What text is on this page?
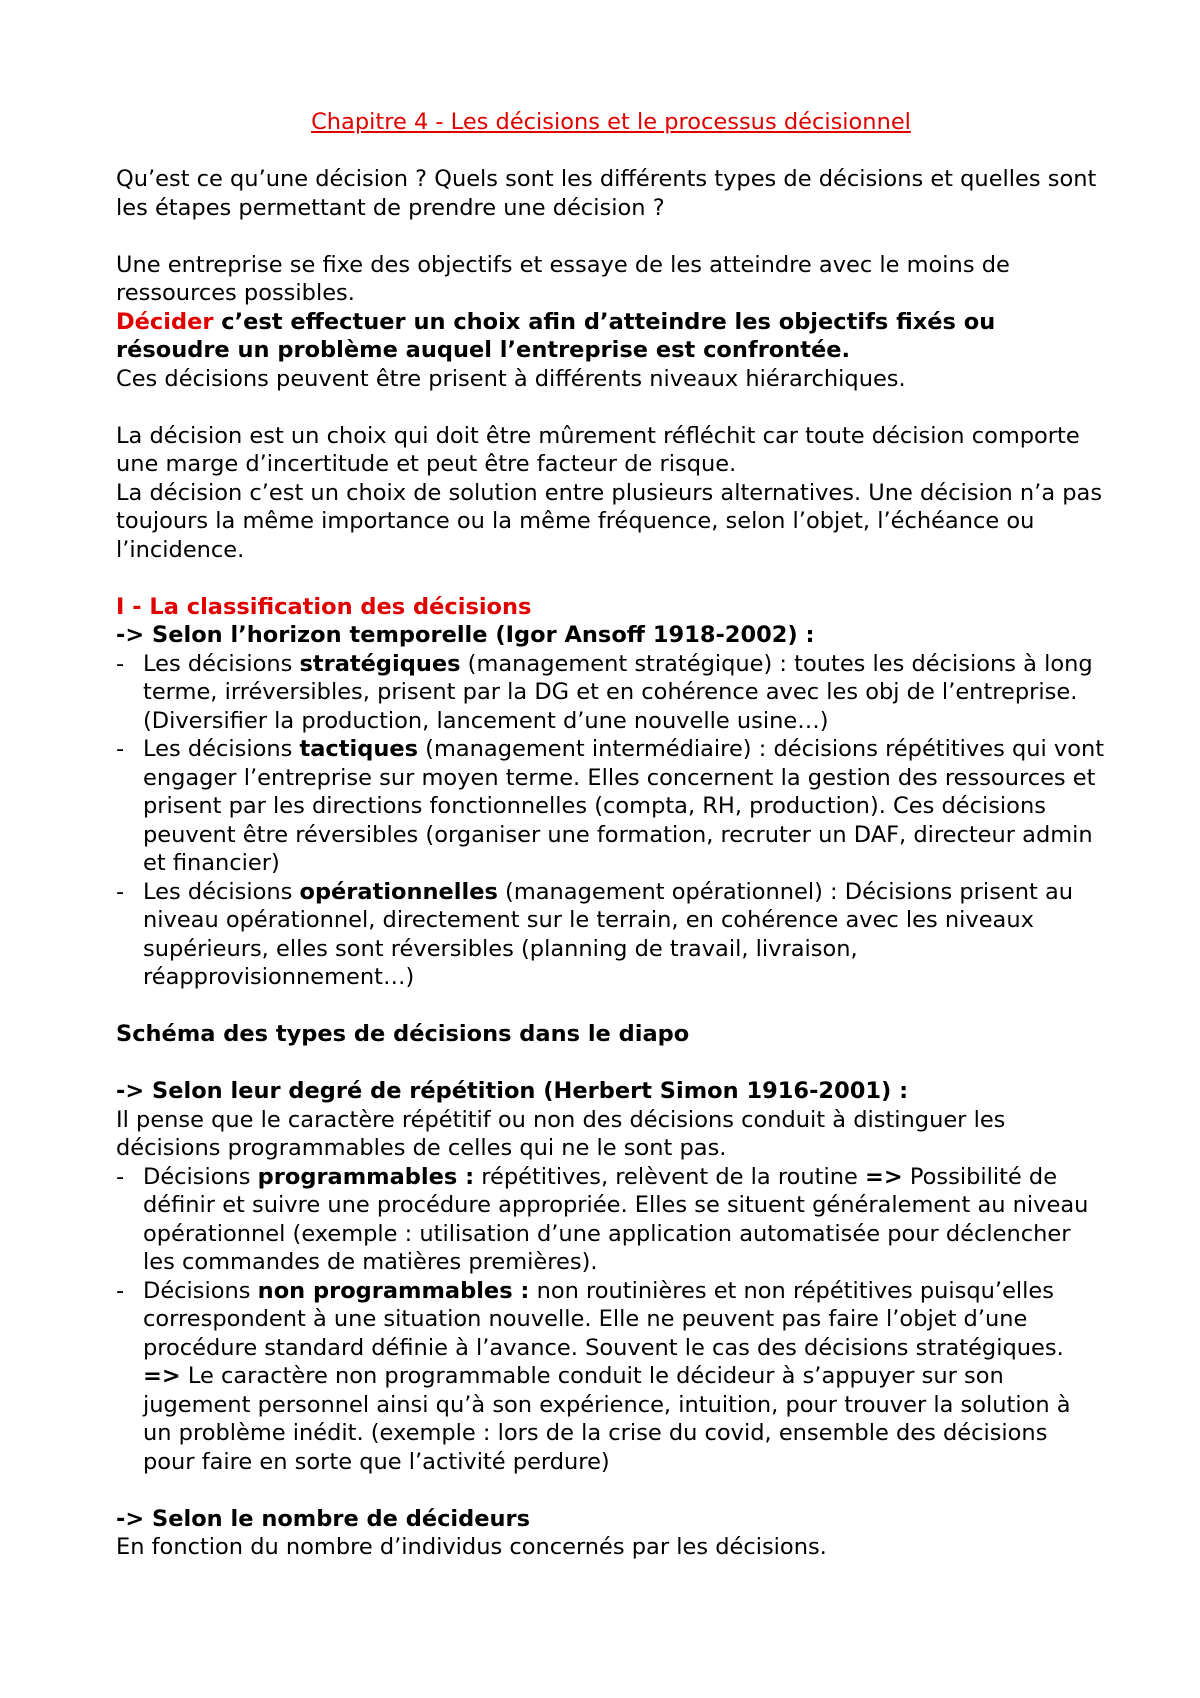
Chapitre 4 - Les décisions et le processus décisionnel

Qu’est ce qu’une décision ? Quels sont les différents types de décisions et quelles sont les étapes permettant de prendre une décision ?

Une entreprise se fixe des objectifs et essaye de les atteindre avec le moins de ressources possibles.

Décider c’est effectuer un choix afin d’atteindre les objectifs fixés ou résoudre un problème auquel l’entreprise est confrontée.

Ces décisions peuvent être prisent à différents niveaux hiérarchiques.

La décision est un choix qui doit être mûrement réfléchit car toute décision comporte une marge d’incertitude et peut être facteur de risque.

La décision c’est un choix de solution entre plusieurs alternatives. Une décision n’a pas toujours la même importance ou la même fréquence, selon l’objet, l’échéance ou l’incidence.

I - La classification des décisions

-> Selon l’horizon temporelle (Igor Ansoff 1918-2002) :

- Les décisions stratégiques (management stratégique) : toutes les décisions à long terme, irréversibles, prisent par la DG et en cohérence avec les obj de l’entreprise. (Diversifier la production, lancement d’une nouvelle usine…)
- Les décisions tactiques (management intermédiaire) : décisions répétitives qui vont engager l’entreprise sur moyen terme. Elles concernent la gestion des ressources et prisent par les directions fonctionnelles (compta, RH, production). Ces décisions peuvent être réversibles (organiser une formation, recruter un DAF, directeur admin et financier)
- Les décisions opérationnelles (management opérationnel) : Décisions prisent au niveau opérationnel, directement sur le terrain, en cohérence avec les niveaux supérieurs, elles sont réversibles (planning de travail, livraison, réapprovisionnement…)

Schéma des types de décisions dans le diapo

-> Selon leur degré de répétition (Herbert Simon 1916-2001) :

Il pense que le caractère répétitif ou non des décisions conduit à distinguer les décisions programmables de celles qui ne le sont pas.

- Décisions programmables : répétitives, relèvent de la routine => Possibilité de définir et suivre une procédure appropriée. Elles se situent généralement au niveau opérationnel (exemple : utilisation d’une application automatisée pour déclencher les commandes de matières premières).
- Décisions non programmables : non routinières et non répétitives puisqu’elles correspondent à une situation nouvelle. Elle ne peuvent pas faire l’objet d’une procédure standard définie à l’avance. Souvent le cas des décisions stratégiques.        => Le caractère non programmable conduit le décideur à s’appuyer sur son jugement personnel ainsi qu’à son expérience, intuition, pour trouver la solution à un problème inédit. (exemple : lors de la crise du covid, ensemble des décisions pour faire en sorte que l’activité perdure)

-> Selon le nombre de décideurs

En fonction du nombre d’individus concernés par les décisions.
